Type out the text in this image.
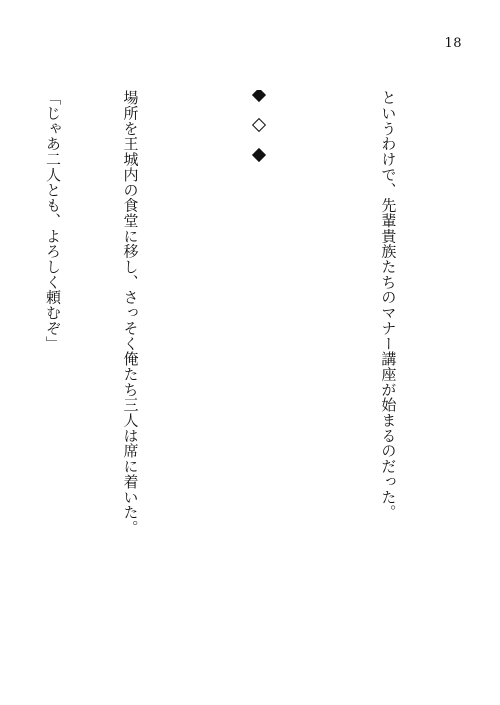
18

というわけで、先輩貴族たちのマナー講座が始まるのだった。

場所を王城内の食堂に移し、さっそく俺たち三人は席に着いた。

「じゃあ二人とも、よろしく頼むぞ」
